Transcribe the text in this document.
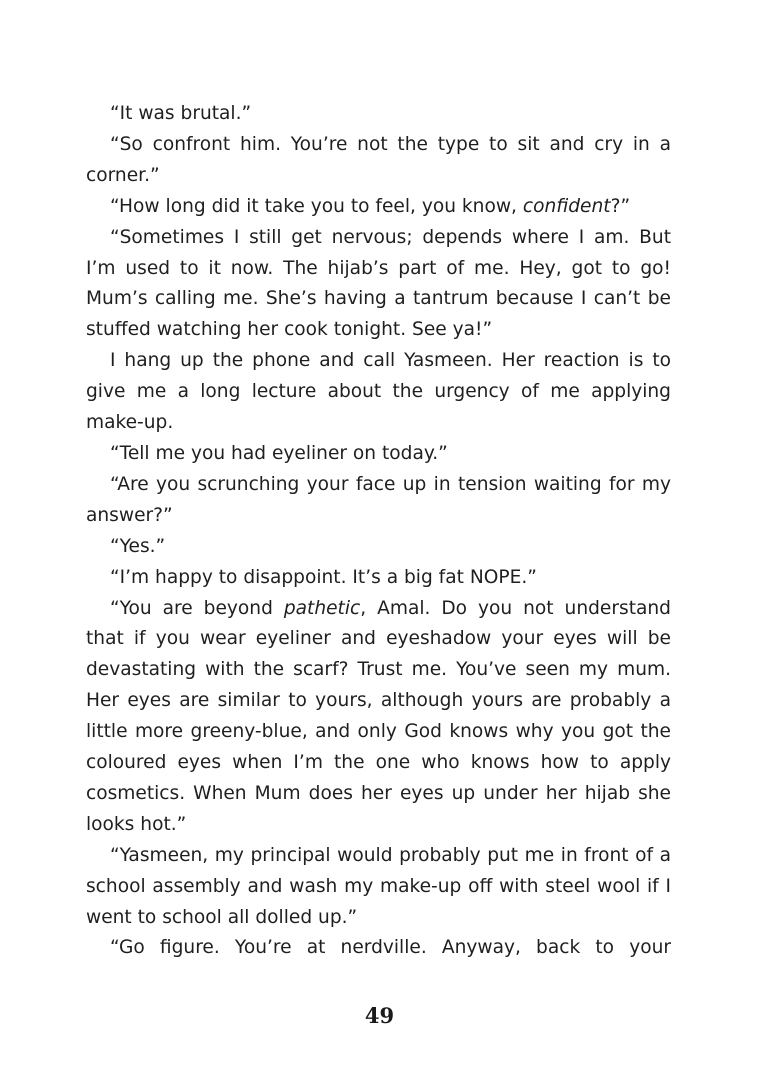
“It was brutal.”

“So confront him. You’re not the type to sit and cry in a corner.”

“How long did it take you to feel, you know, confident?”

“Sometimes I still get nervous; depends where I am. But I’m used to it now. The hijab’s part of me. Hey, got to go! Mum’s calling me. She’s having a tantrum because I can’t be stuffed watching her cook tonight. See ya!”

I hang up the phone and call Yasmeen. Her reaction is to give me a long lecture about the urgency of me applying make-up.

“Tell me you had eyeliner on today.”

“Are you scrunching your face up in tension waiting for my answer?”

“Yes.”

“I’m happy to disappoint. It’s a big fat NOPE.”

“You are beyond pathetic, Amal. Do you not understand that if you wear eyeliner and eyeshadow your eyes will be devastating with the scarf? Trust me. You’ve seen my mum. Her eyes are similar to yours, although yours are probably a little more greeny-blue, and only God knows why you got the coloured eyes when I’m the one who knows how to apply cosmetics. When Mum does her eyes up under her hijab she looks hot.”

“Yasmeen, my principal would probably put me in front of a school assembly and wash my make-up off with steel wool if I went to school all dolled up.”

“Go figure. You’re at nerdville. Anyway, back to your

49
